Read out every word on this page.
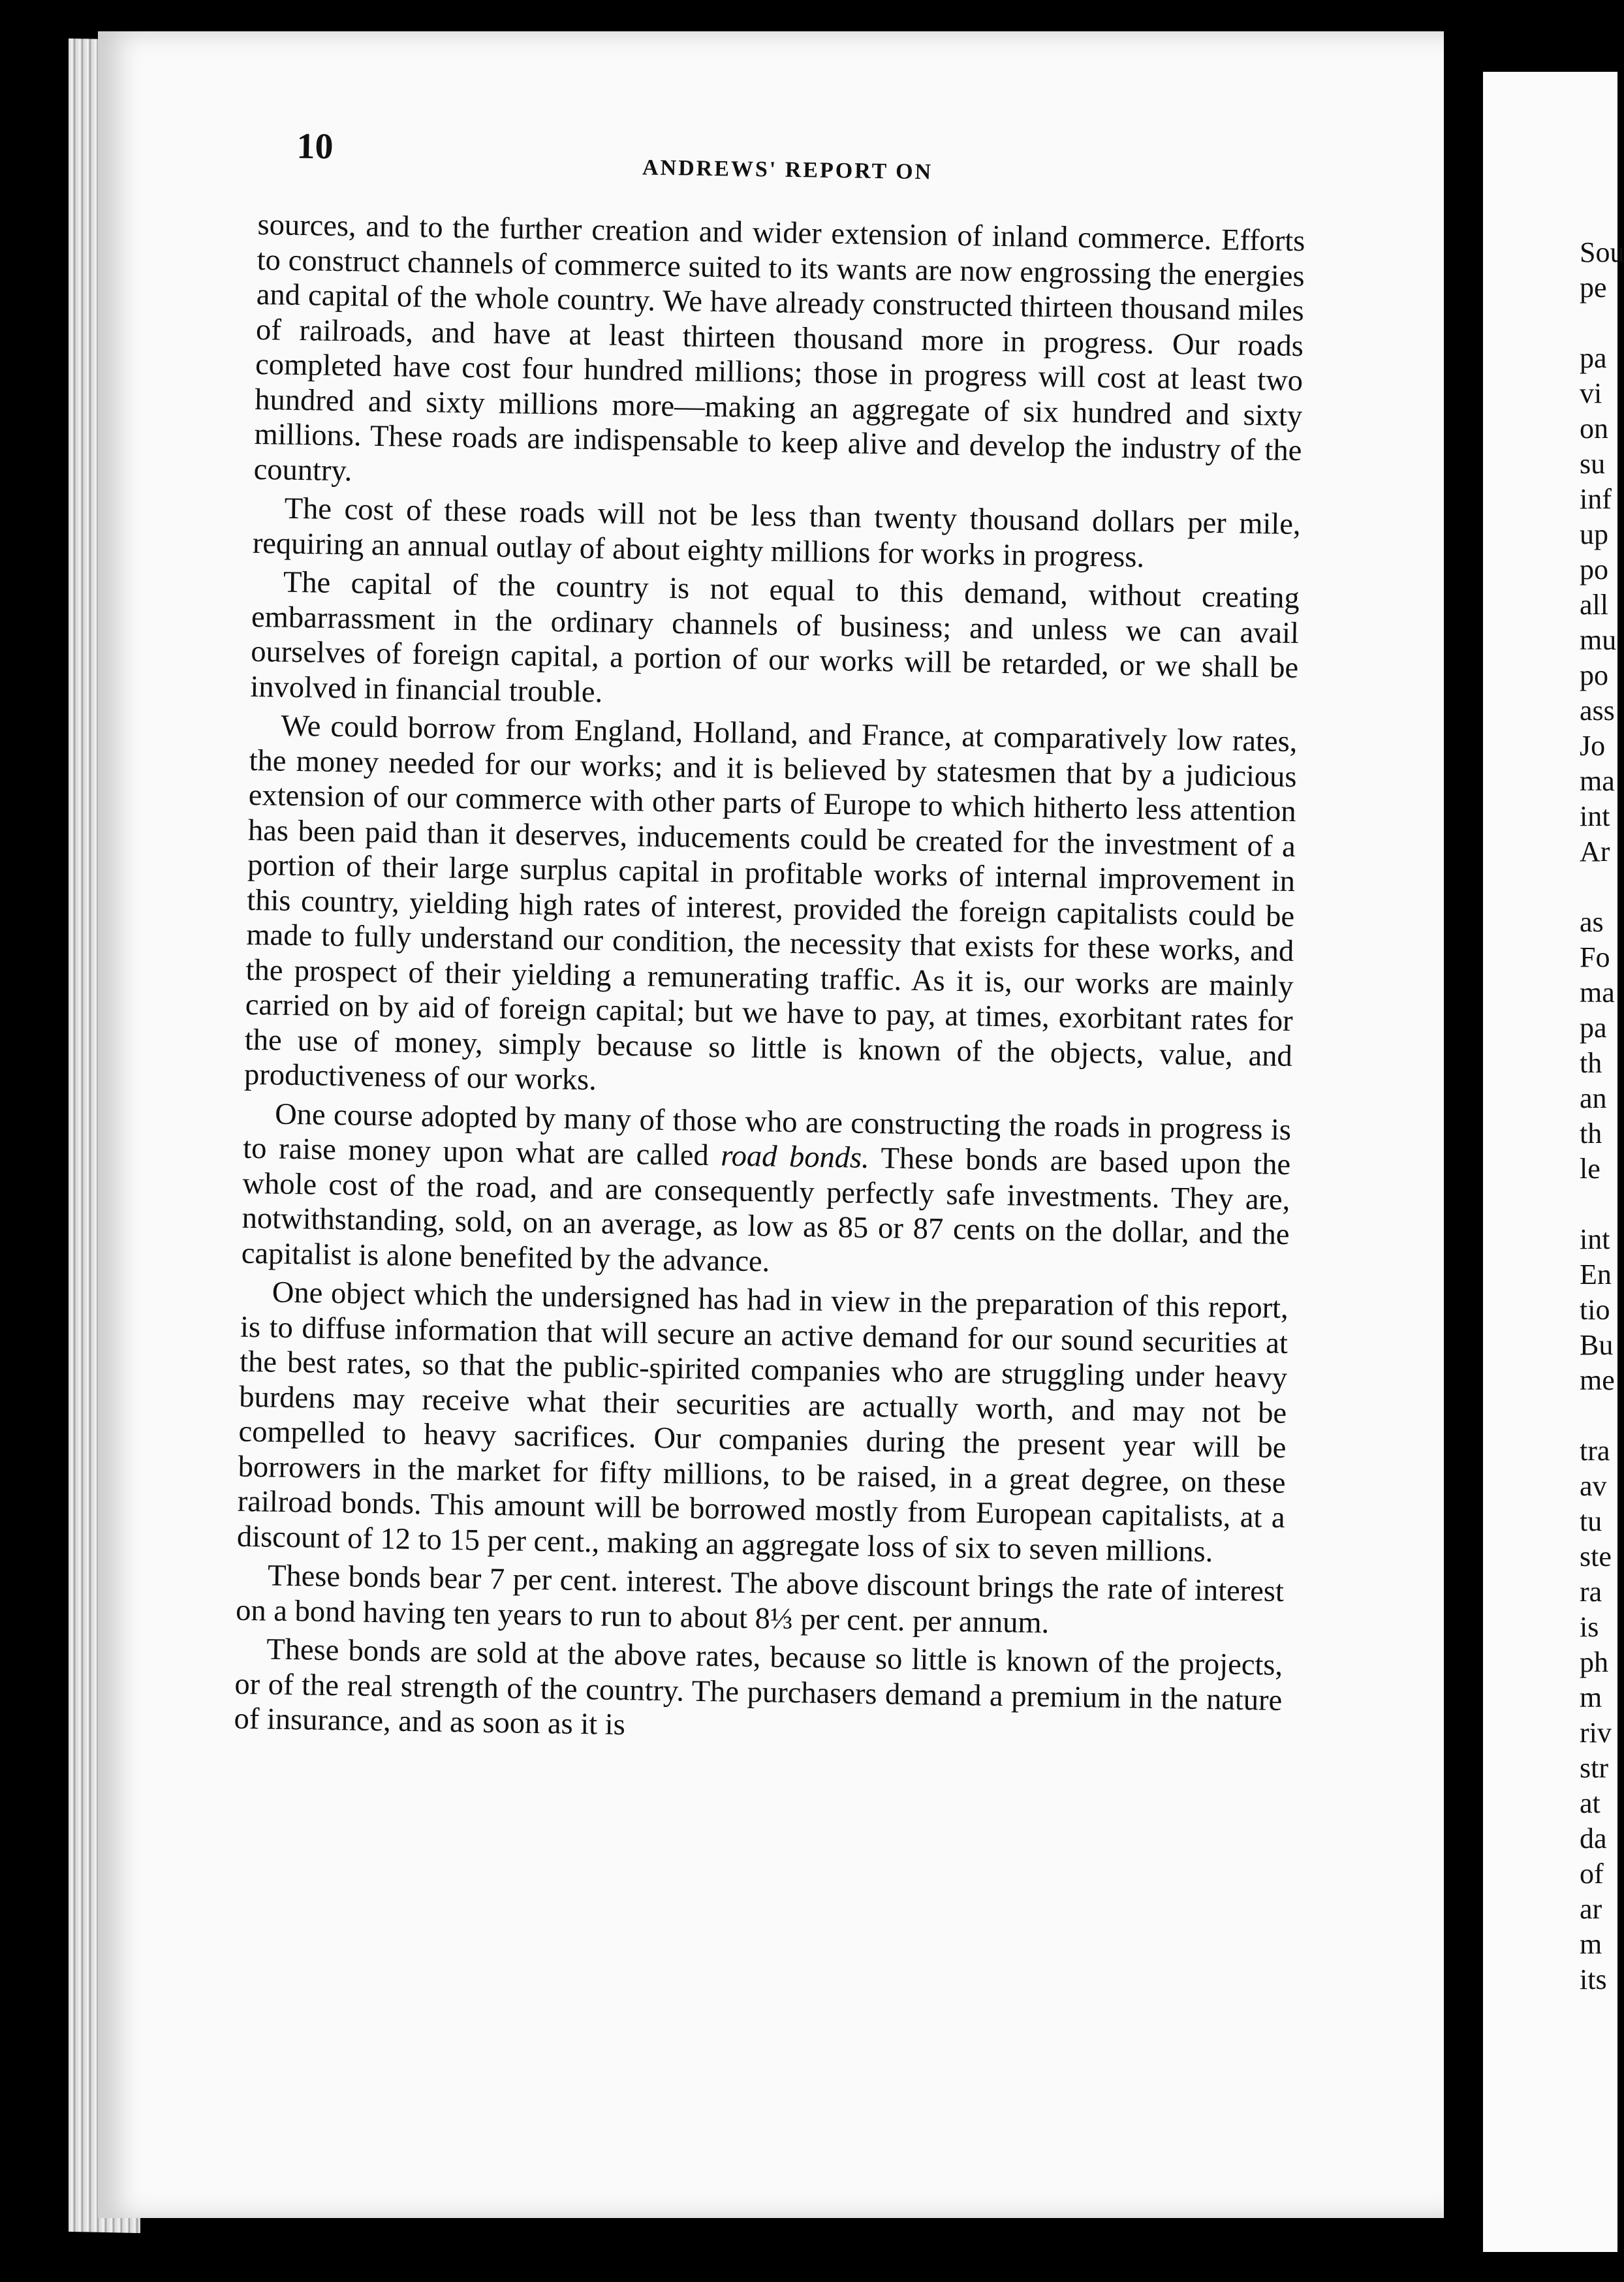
Sou
pe
pa
vi
on
su
inf
up
po
all
mu
po
ass
Jo
ma
int
Ar
as
Fo
ma
pa
th
an
th
le
int
En
tio
Bu
me
tra
av
tu
ste
ra
is
ph
m
riv
str
at
da
of
ar
m
its
10
ANDREWS' REPORT ON

sources, and to the further creation and wider extension of inland commerce. Efforts to construct channels of commerce suited to its wants are now engrossing the energies and capital of the whole country. We have already constructed thirteen thousand miles of railroads, and have at least thirteen thousand more in progress. Our roads completed have cost four hundred millions; those in progress will cost at least two hundred and sixty millions more—making an aggregate of six hundred and sixty millions. These roads are indispensable to keep alive and develop the industry of the country.

The cost of these roads will not be less than twenty thousand dollars per mile, requiring an annual outlay of about eighty millions for works in progress.

The capital of the country is not equal to this demand, without creating embarrassment in the ordinary channels of business; and unless we can avail ourselves of foreign capital, a portion of our works will be retarded, or we shall be involved in financial trouble.

We could borrow from England, Holland, and France, at comparatively low rates, the money needed for our works; and it is believed by statesmen that by a judicious extension of our commerce with other parts of Europe to which hitherto less attention has been paid than it deserves, inducements could be created for the investment of a portion of their large surplus capital in profitable works of internal improvement in this country, yielding high rates of interest, provided the foreign capitalists could be made to fully understand our condition, the necessity that exists for these works, and the prospect of their yielding a remunerating traffic. As it is, our works are mainly carried on by aid of foreign capital; but we have to pay, at times, exorbitant rates for the use of money, simply because so little is known of the objects, value, and productiveness of our works.

One course adopted by many of those who are constructing the roads in progress is to raise money upon what are called road bonds. These bonds are based upon the whole cost of the road, and are consequently perfectly safe investments. They are, notwithstanding, sold, on an average, as low as 85 or 87 cents on the dollar, and the capitalist is alone benefited by the advance.

One object which the undersigned has had in view in the preparation of this report, is to diffuse information that will secure an active demand for our sound securities at the best rates, so that the public-spirited companies who are struggling under heavy burdens may receive what their securities are actually worth, and may not be compelled to heavy sacrifices. Our companies during the present year will be borrowers in the market for fifty millions, to be raised, in a great degree, on these railroad bonds. This amount will be borrowed mostly from European capitalists, at a discount of 12 to 15 per cent., making an aggregate loss of six to seven millions.

These bonds bear 7 per cent. interest. The above discount brings the rate of interest on a bond having ten years to run to about 8⅓ per cent. per annum.

These bonds are sold at the above rates, because so little is known of the projects, or of the real strength of the country. The purchasers demand a premium in the nature of insurance, and as soon as it is
